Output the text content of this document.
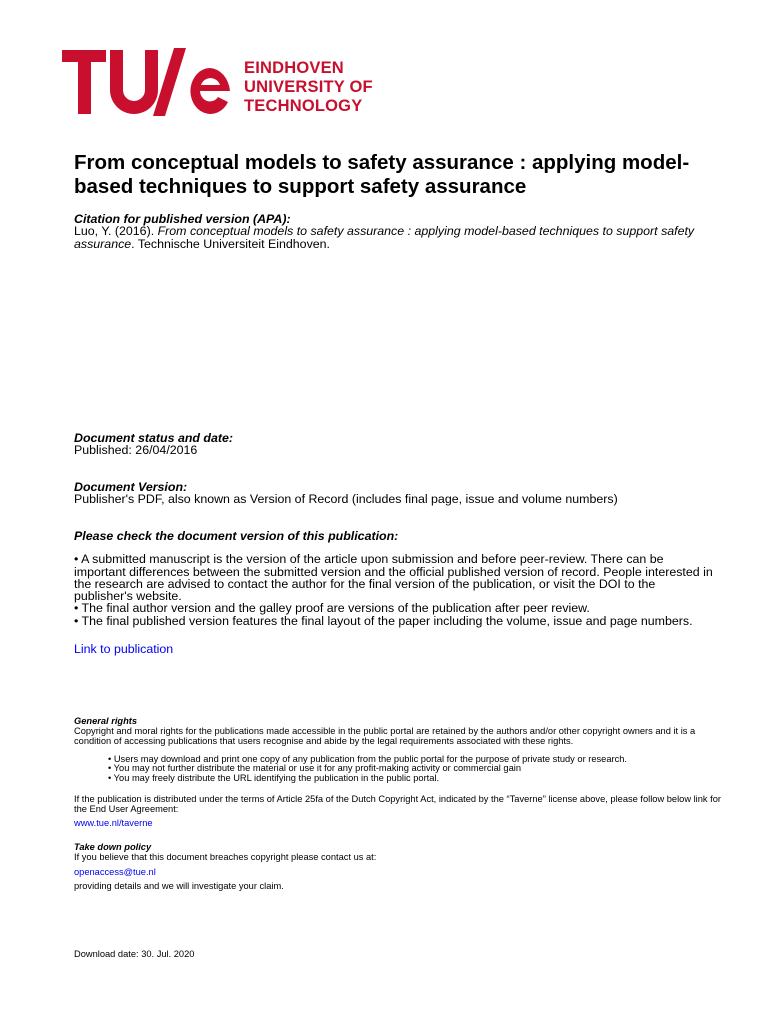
EINDHOVEN
UNIVERSITY OF
TECHNOLOGY
From conceptual models to safety assurance : applying model-based techniques to support safety assurance
Citation for published version (APA):
Luo, Y. (2016). From conceptual models to safety assurance : applying model-based techniques to support safety assurance. Technische Universiteit Eindhoven.
Document status and date:
Published: 26/04/2016
Document Version:
Publisher's PDF, also known as Version of Record (includes final page, issue and volume numbers)
Please check the document version of this publication:
• A submitted manuscript is the version of the article upon submission and before peer-review. There can be important differences between the submitted version and the official published version of record. People interested in the research are advised to contact the author for the final version of the publication, or visit the DOI to the publisher's website.
• The final author version and the galley proof are versions of the publication after peer review.
• The final published version features the final layout of the paper including the volume, issue and page numbers.
Link to publication
General rights
Copyright and moral rights for the publications made accessible in the public portal are retained by the authors and/or other copyright owners and it is a condition of accessing publications that users recognise and abide by the legal requirements associated with these rights.
• Users may download and print one copy of any publication from the public portal for the purpose of private study or research.
• You may not further distribute the material or use it for any profit-making activity or commercial gain
• You may freely distribute the URL identifying the publication in the public portal.
If the publication is distributed under the terms of Article 25fa of the Dutch Copyright Act, indicated by the “Taverne” license above, please follow below link for the End User Agreement:
www.tue.nl/taverne
Take down policy
If you believe that this document breaches copyright please contact us at:
openaccess@tue.nl
providing details and we will investigate your claim.
Download date: 30. Jul. 2020
